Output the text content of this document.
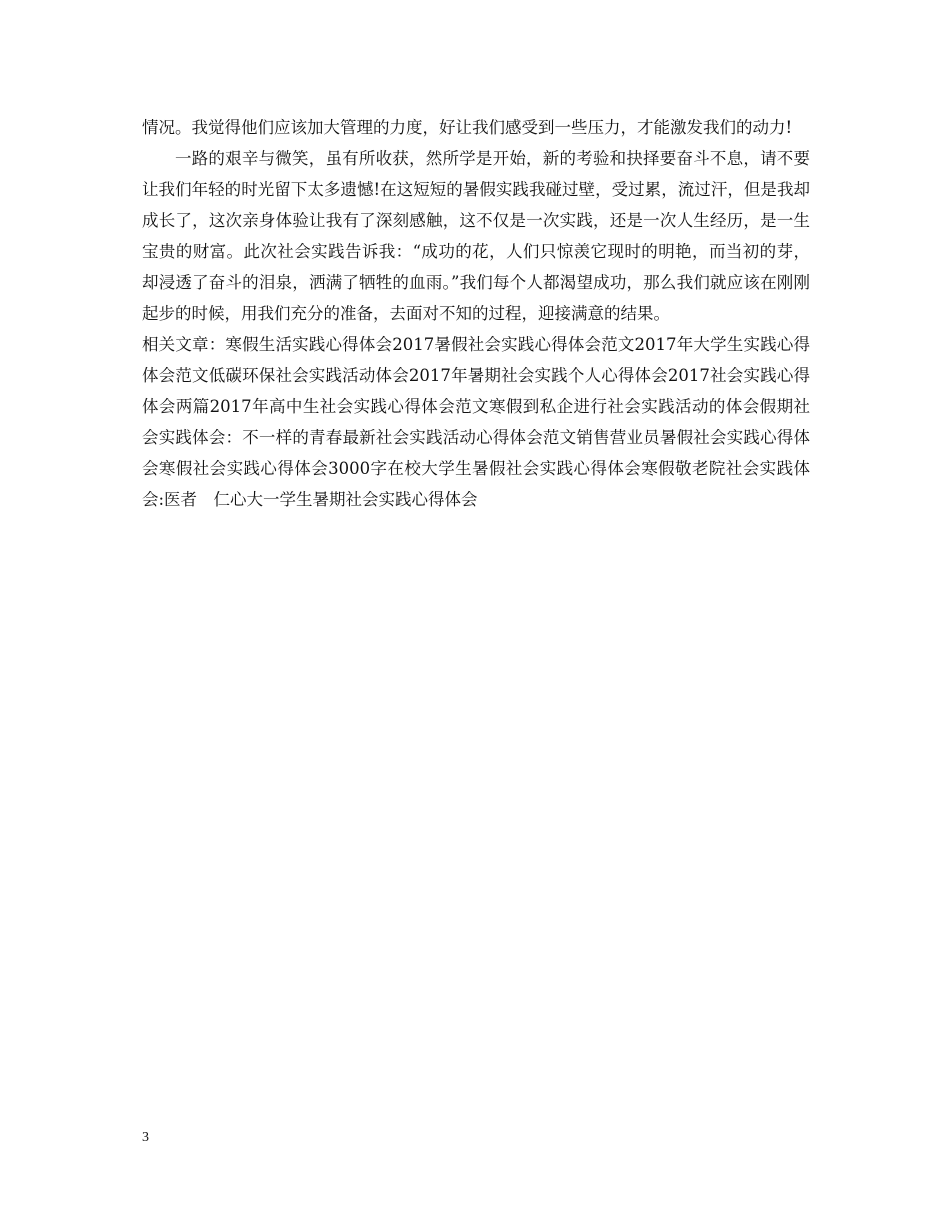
情况。我觉得他们应该加大管理的力度，好让我们感受到一些压力，才能激发我们的动力!

一路的艰辛与微笑，虽有所收获，然所学是开始，新的考验和抉择要奋斗不息，请不要让我们年轻的时光留下太多遗憾!在这短短的暑假实践我碰过壁，受过累，流过汗，但是我却成长了，这次亲身体验让我有了深刻感触，这不仅是一次实践，还是一次人生经历，是一生宝贵的财富。此次社会实践告诉我：“成功的花，人们只惊羡它现时的明艳，而当初的芽，却浸透了奋斗的泪泉，洒满了牺牲的血雨。”我们每个人都渴望成功，那么我们就应该在刚刚起步的时候，用我们充分的准备，去面对不知的过程，迎接满意的结果。

相关文章：寒假生活实践心得体会2017暑假社会实践心得体会范文2017年大学生实践心得体会范文低碳环保社会实践活动体会2017年暑期社会实践个人心得体会2017社会实践心得体会两篇2017年高中生社会实践心得体会范文寒假到私企进行社会实践活动的体会假期社会实践体会：不一样的青春最新社会实践活动心得体会范文销售营业员暑假社会实践心得体会寒假社会实践心得体会3000字在校大学生暑假社会实践心得体会寒假敬老院社会实践体会:医者　仁心大一学生暑期社会实践心得体会

3
